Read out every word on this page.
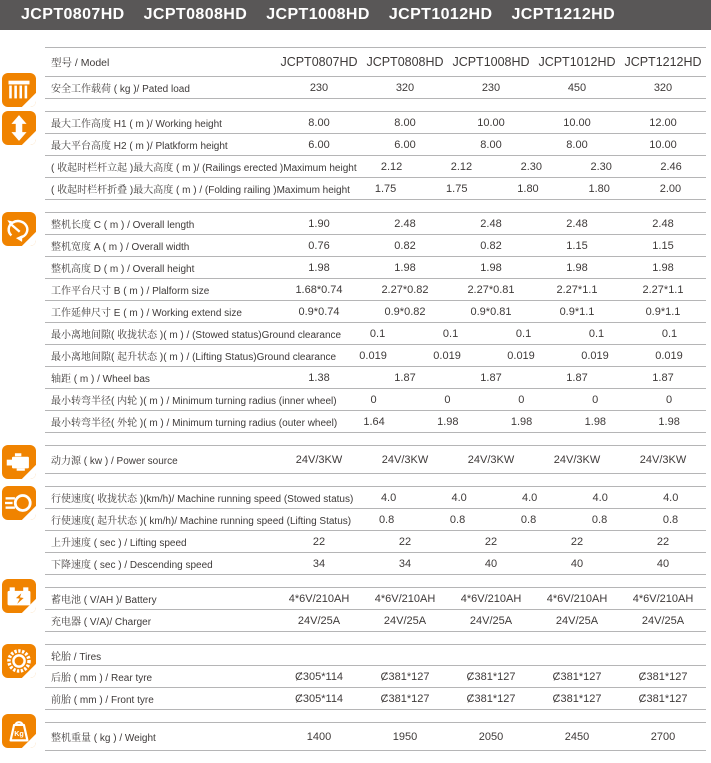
JCPT0807HD JCPT0808HD JCPT1008HD JCPT1012HD JCPT1212HD
型号 / Model	JCPT0807HD JCPT0808HD JCPT1008HD JCPT1012HD JCPT1212HD
安全工作载荷 ( kg )/ Pated load	230	320	230	450	320
最大工作高度 H1 ( m )/ Working height	8.00	8.00	10.00	10.00	12.00
最大平台高度 H2 ( m )/ Platkform height	6.00	6.00	8.00	8.00	10.00
( 收起时栏杆立起 )最大高度 ( m )/ (Railings erected )Maximum height	2.12	2.12	2.30	2.30	2.46
( 收起时栏杆折叠 )最大高度 ( m ) / (Folding railing )Maximum height	1.75	1.75	1.80	1.80	2.00
整机长度 C ( m ) / Overall length	1.90	2.48	2.48	2.48	2.48
整机宽度 A ( m ) / Overall width	0.76	0.82	0.82	1.15	1.15
整机高度 D ( m ) / Overall height	1.98	1.98	1.98	1.98	1.98
工作平台尺寸 B ( m ) / Plalform size	1.68*0.74	2.27*0.82	2.27*0.81	2.27*1.1	2.27*1.1
工作延伸尺寸 E ( m ) / Working extend size	0.9*0.74	0.9*0.82	0.9*0.81	0.9*1.1	0.9*1.1
最小离地间隙( 收拢状态 )( m ) / (Stowed status)Ground clearance	0.1	0.1	0.1	0.1	0.1
最小离地间隙( 起升状态 )( m ) / (Lifting Status)Ground clearance	0.019	0.019	0.019	0.019	0.019
轴距 ( m ) / Wheel bas	1.38	1.87	1.87	1.87	1.87
最小转弯半径( 内轮 )( m ) / Minimum turning radius (inner wheel)	0	0	0	0	0
最小转弯半径( 外轮 )( m ) / Minimum turning radius (outer wheel)	1.64	1.98	1.98	1.98	1.98
动力源 ( kw ) / Power source	24V/3KW	24V/3KW	24V/3KW	24V/3KW	24V/3KW
行使速度( 收拢状态 )(km/h)/ Machine running speed (Stowed status)	4.0	4.0	4.0	4.0	4.0
行使速度( 起升状态 )( km/h)/ Machine running speed (Lifting Status)	0.8	0.8	0.8	0.8	0.8
上升速度 ( sec ) / Lifting speed	22	22	22	22	22
下降速度 ( sec ) / Descending speed	34	34	40	40	40
蓄电池 ( V/AH )/ Battery	4*6V/210AH	4*6V/210AH	4*6V/210AH	4*6V/210AH	4*6V/210AH
充电器 ( V/A)/ Charger	24V/25A	24V/25A	24V/25A	24V/25A	24V/25A
轮胎 / Tires
后胎 ( mm ) / Rear tyre	Ȼ305*114	Ȼ381*127	Ȼ381*127	Ȼ381*127	Ȼ381*127
前胎 ( mm ) / Front tyre	Ȼ305*114	Ȼ381*127	Ȼ381*127	Ȼ381*127	Ȼ381*127
Kg	整机重量 ( kg ) / Weight	1400	1950	2050	2450	2700
